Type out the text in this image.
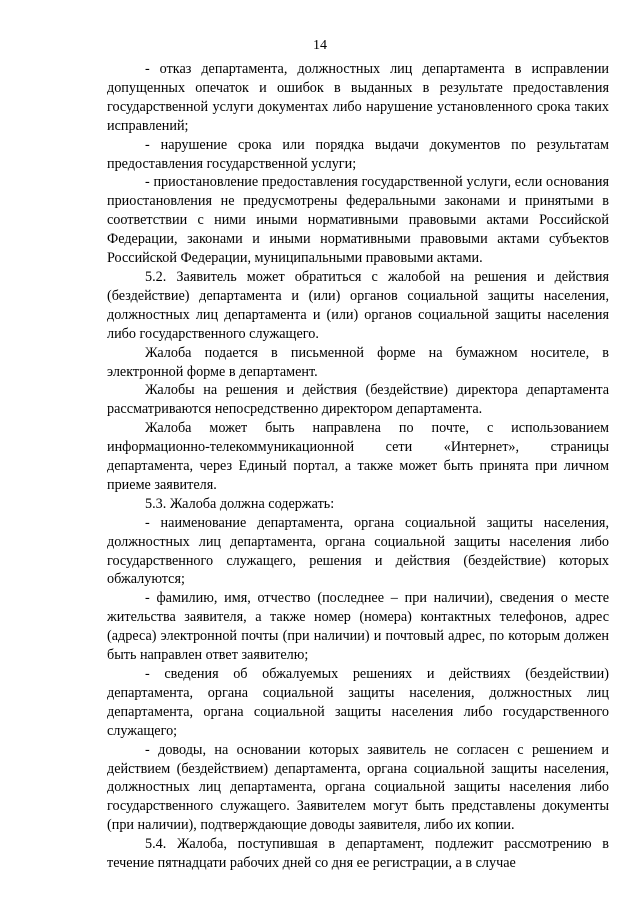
14

- отказ департамента, должностных лиц департамента в исправлении допущенных опечаток и ошибок в выданных в результате предоставления государственной услуги документах либо нарушение установленного срока таких исправлений;

- нарушение срока или порядка выдачи документов по результатам предоставления государственной услуги;

- приостановление предоставления государственной услуги, если основания приостановления не предусмотрены федеральными законами и принятыми в соответствии с ними иными нормативными правовыми актами Российской Федерации, законами и иными нормативными правовыми актами субъектов Российской Федерации, муниципальными правовыми актами.

5.2. Заявитель может обратиться с жалобой на решения и действия (бездействие) департамента и (или) органов социальной защиты населения, должностных лиц департамента и (или) органов социальной защиты населения либо государственного служащего.

Жалоба подается в письменной форме на бумажном носителе, в электронной форме в департамент.

Жалобы на решения и действия (бездействие) директора департамента рассматриваются непосредственно директором департамента.

Жалоба может быть направлена по почте, с использованием информационно-телекоммуникационной сети «Интернет», страницы департамента, через Единый портал, а также может быть принята при личном приеме заявителя.

5.3. Жалоба должна содержать:

- наименование департамента, органа социальной защиты населения, должностных лиц департамента, органа социальной защиты населения либо государственного служащего, решения и действия (бездействие) которых обжалуются;

- фамилию, имя, отчество (последнее – при наличии), сведения о месте жительства заявителя, а также номер (номера) контактных телефонов, адрес (адреса) электронной почты (при наличии) и почтовый адрес, по которым должен быть направлен ответ заявителю;

- сведения об обжалуемых решениях и действиях (бездействии) департамента, органа социальной защиты населения, должностных лиц департамента, органа социальной защиты населения либо государственного служащего;

- доводы, на основании которых заявитель не согласен с решением и действием (бездействием) департамента, органа социальной защиты населения, должностных лиц департамента, органа социальной защиты населения либо государственного служащего. Заявителем могут быть представлены документы (при наличии), подтверждающие доводы заявителя, либо их копии.

5.4. Жалоба, поступившая в департамент, подлежит рассмотрению в течение пятнадцати рабочих дней со дня ее регистрации, а в случае
